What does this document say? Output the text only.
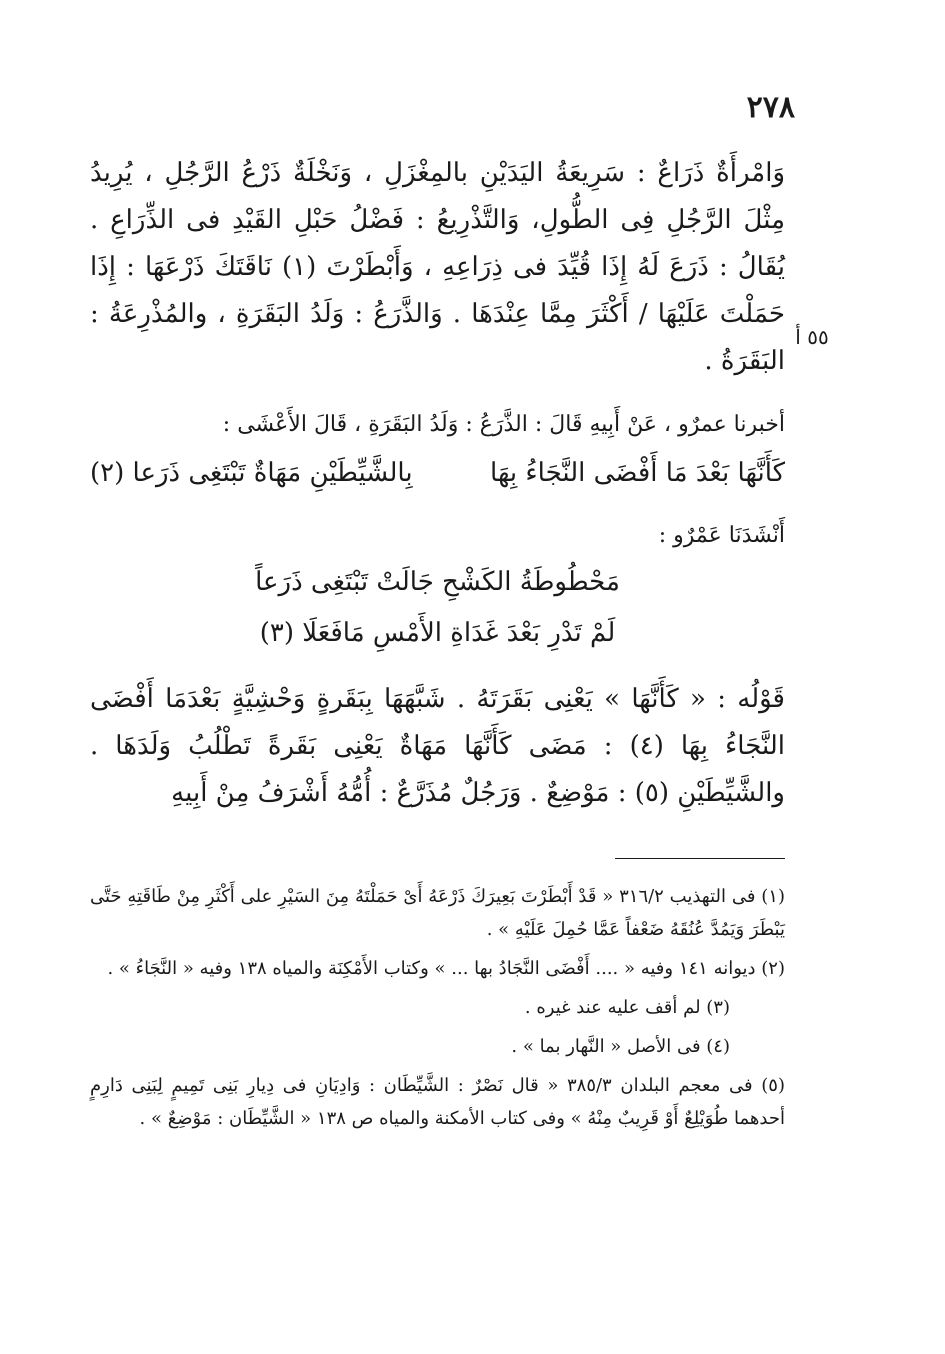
٢٧٨

وَامْرأَةٌ ذَرَاعٌ : سَرِيعَةُ اليَدَيْنِ بالمِغْزَلِ ، وَنَخْلَةٌ ذَرْعُ الرَّجُلِ ، يُرِيدُ مِثْلَ الرَّجُلِ فِى الطُّولِ، وَالتَّذْرِيعُ : فَضْلُ حَبْلِ القَيْدِ فى الذِّرَاعِ . يُقَالُ : ذَرَعَ لَهُ إِذَا قُيِّدَ فى ذِرَاعِهِ ، وَأَبْطَرْتَ (١) نَاقَتَكَ ذَرْعَهَا : إِذَا حَمَلْتَ عَلَيْهَا / أَكْثَرَ مِمَّا عِنْدَهَا . وَالذَّرَعُ : وَلَدُ البَقَرَةِ ، والمُذْرِعَةُ : البَقَرَةُ .

٥٥ أ

أخبرنا عمرٌو ، عَنْ أَبِيهِ قَالَ : الذَّرَعُ : وَلَدُ البَقَرَةِ ، قَالَ الأَعْشَى :

كَأَنَّهَا بَعْدَ مَا أَفْضَى النَّجَاءُ بِهَا
بِالشَّيِّطَيْنِ مَهَاةٌ تَبْتَغِى ذَرَعا (٢)

أَنْشَدَنَا عَمْرٌو :

مَحْطُوطَةُ الكَشْحِ جَالَتْ تَبْتَغِى ذَرَعاً

لَمْ تَدْرِ بَعْدَ غَدَاةِ الأَمْسِ مَافَعَلَا (٣)

قَوْلُه : « كَأَنَّهَا » يَعْنِى بَقَرَتَهُ . شَبَّهَهَا بِبَقَرةٍ وَحْشِيَّةٍ بَعْدَمَا أَفْضَى النَّجَاءُ بِهَا (٤) : مَضَى كَأَنَّهَا مَهَاةٌ يَعْنِى بَقَرةً تَطْلُبُ وَلَدَهَا . والشَّيِّطَيْنِ (٥) : مَوْضِعٌ . وَرَجُلٌ مُذَرَّعٌ : أُمُّهُ أَشْرَفُ مِنْ أَبِيهِ

(١) فى التهذيب ٣١٦/٢ « قَدْ أَبْطَرْتَ بَعِيرَكَ ذَرْعَهُ أَىْ حَمَلْتَهُ مِنَ السَيْرِ على أَكْثَرِ مِنْ طَاقَتِهِ حَتَّى يَبْطَرَ وَيَمُدَّ عُنُقَهُ ضَعْفاً عَمَّا حُمِلَ عَلَيْهِ » .

(٢) ديوانه ١٤١ وفيه « .... أَفْضَى النَّجَادُ بها ... » وكتاب الأَمْكِنَة والمياه ١٣٨ وفيه « النَّجَاءُ » .

(٣) لم أقف عليه عند غيره .

(٤) فى الأصل « النَّهار بما » .

(٥) فى معجم البلدان ٣٨٥/٣ « قال نَصْرٌ : الشَّيِّطَان : وَادِيَانِ فى دِيارِ بَنِى تَمِيمٍ لِبَنِى دَارِمٍ أحدهما طُوَيْلِعٌ أَوْ قَرِيبٌ مِنْهُ » وفى كتاب الأمكنة والمياه ص ١٣٨ « الشَّيِّطَان : مَوْضِعٌ » .
